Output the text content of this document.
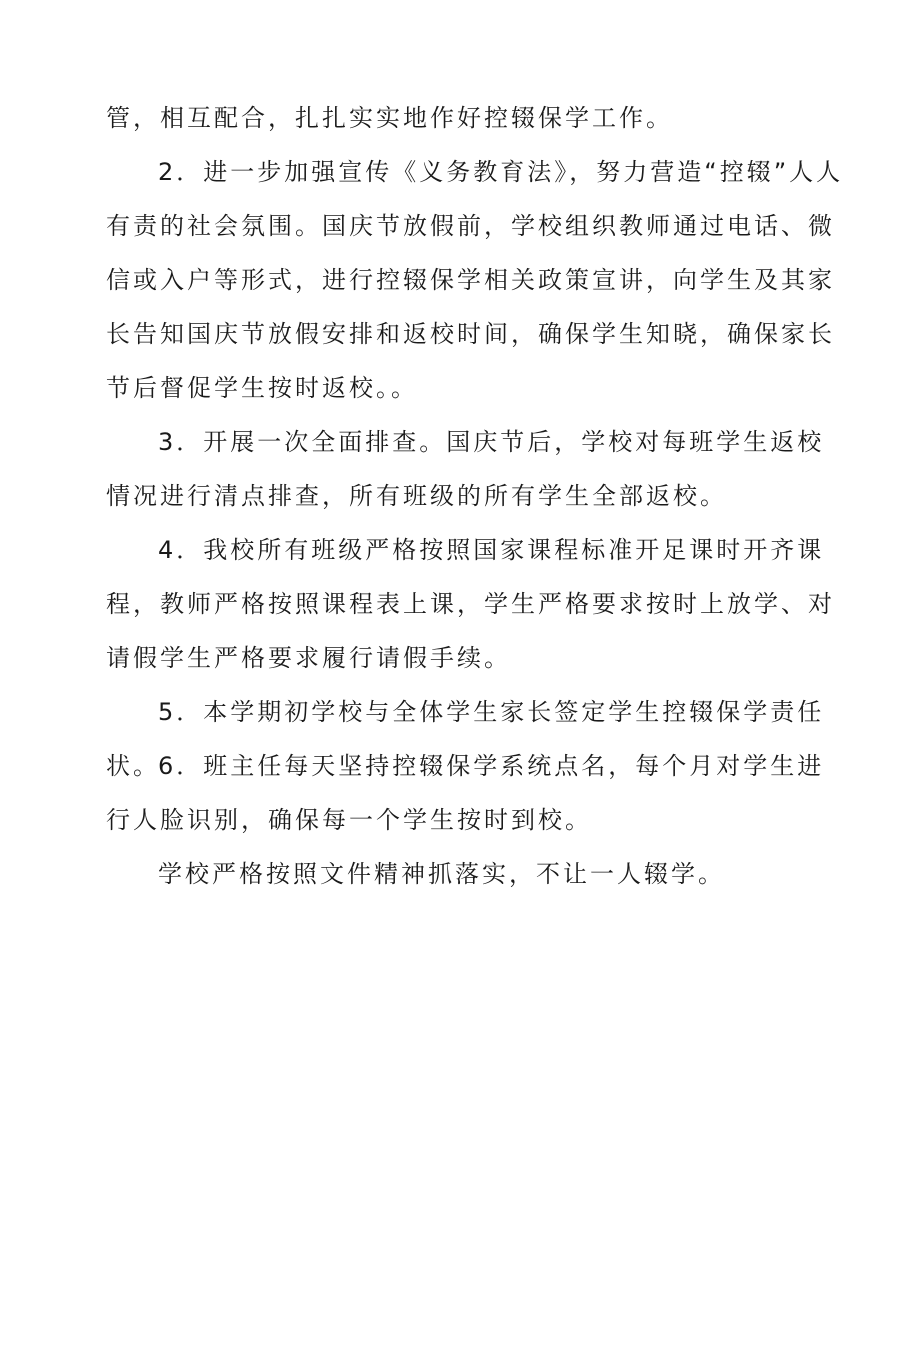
管，相互配合，扎扎实实地作好控辍保学工作。

2．进一步加强宣传《义务教育法》，努力营造“控辍”人人有责的社会氛围。国庆节放假前，学校组织教师通过电话、微信或入户等形式，进行控辍保学相关政策宣讲，向学生及其家长告知国庆节放假安排和返校时间，确保学生知晓，确保家长节后督促学生按时返校。。

3．开展一次全面排查。国庆节后，学校对每班学生返校情况进行清点排查，所有班级的所有学生全部返校。

4．我校所有班级严格按照国家课程标准开足课时开齐课程，教师严格按照课程表上课，学生严格要求按时上放学、对请假学生严格要求履行请假手续。

5．本学期初学校与全体学生家长签定学生控辍保学责任状。

6．班主任每天坚持控辍保学系统点名，每个月对学生进行人脸识别，确保每一个学生按时到校。

学校严格按照文件精神抓落实，不让一人辍学。
